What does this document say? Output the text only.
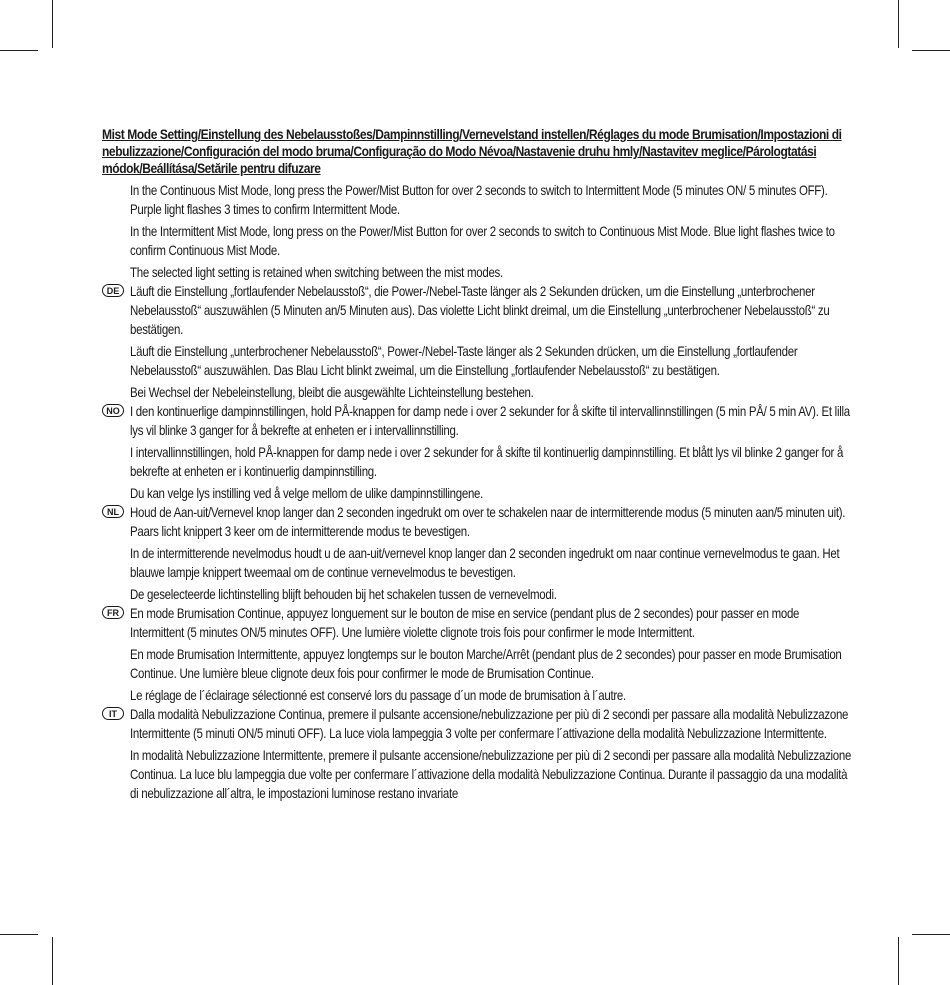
Mist Mode Setting/Einstellung des Nebelausstoßes/Dampinnstilling/Vernevelstand instellen/Réglages du mode Brumisation/Impostazioni di nebulizzazione/Configuración del modo bruma/Configuração do Modo Névoa/Nastavenie druhu hmly/Nastavitev meglice/Párologtatási módok/Beállítása/Setările pentru difuzare

In the Continuous Mist Mode, long press the Power/Mist Button for over 2 seconds to switch to Intermittent Mode (5 minutes ON/ 5 minutes OFF). Purple light flashes 3 times to confirm Intermittent Mode.

In the Intermittent Mist Mode, long press on the Power/Mist Button for over 2 seconds to switch to Continuous Mist Mode. Blue light flashes twice to confirm Continuous Mist Mode.

The selected light setting is retained when switching between the mist modes.

DE Läuft die Einstellung „fortlaufender Nebelausstoß“, die Power-/Nebel-Taste länger als 2 Sekunden drücken, um die Einstellung „unterbrochener Nebelausstoß“ auszuwählen (5 Minuten an/5 Minuten aus). Das violette Licht blinkt dreimal, um die Einstellung „unterbrochener Nebelausstoß“ zu bestätigen.

Läuft die Einstellung „unterbrochener Nebelausstoß“, Power-/Nebel-Taste länger als 2 Sekunden drücken, um die Einstellung „fortlaufender Nebelausstoß“ auszuwählen. Das Blau Licht blinkt zweimal, um die Einstellung „fortlaufender Nebelausstoß“ zu bestätigen.

Bei Wechsel der Nebeleinstellung, bleibt die ausgewählte Lichteinstellung bestehen.

NO I den kontinuerlige dampinnstillingen, hold PÅ-knappen for damp nede i over 2 sekunder for å skifte til intervallinnstillingen (5 min PÅ/ 5 min AV). Et lilla lys vil blinke 3 ganger for å bekrefte at enheten er i intervallinnstilling.

I intervallinnstillingen, hold PÅ-knappen for damp nede i over 2 sekunder for å skifte til kontinuerlig dampinnstilling. Et blått lys vil blinke 2 ganger for å bekrefte at enheten er i kontinuerlig dampinnstilling.

Du kan velge lys instilling ved å velge mellom de ulike dampinnstillingene.

NL Houd de Aan-uit/Vernevel knop langer dan 2 seconden ingedrukt om over te schakelen naar de intermitterende modus (5 minuten aan/5 minuten uit). Paars licht knippert 3 keer om de intermitterende modus te bevestigen.

In de intermitterende nevelmodus houdt u de aan-uit/vernevel knop langer dan 2 seconden ingedrukt om naar continue vernevelmodus te gaan. Het blauwe lampje knippert tweemaal om de continue vernevelmodus te bevestigen.

De geselecteerde lichtinstelling blijft behouden bij het schakelen tussen de vernevelmodi.

FR En mode Brumisation Continue, appuyez longuement sur le bouton de mise en service (pendant plus de 2 secondes) pour passer en mode Intermittent (5 minutes ON/5 minutes OFF). Une lumière violette clignote trois fois pour confirmer le mode Intermittent.

En mode Brumisation Intermittente, appuyez longtemps sur le bouton Marche/Arrêt (pendant plus de 2 secondes) pour passer en mode Brumisation Continue. Une lumière bleue clignote deux fois pour confirmer le mode de Brumisation Continue.

Le réglage de l´éclairage sélectionné est conservé lors du passage d´un mode de brumisation à l´autre.

IT Dalla modalità Nebulizzazione Continua, premere il pulsante accensione/nebulizzazione per più di 2 secondi per passare alla modalità Nebulizzazone Intermittente (5 minuti ON/5 minuti OFF). La luce viola lampeggia 3 volte per confermare l´attivazione della modalità Nebulizzazione Intermittente.

In modalità Nebulizzazione Intermittente, premere il pulsante accensione/nebulizzazione per più di 2 secondi per passare alla modalità Nebulizzazione Continua. La luce blu lampeggia due volte per confermare l´attivazione della modalità Nebulizzazione Continua. Durante il passaggio da una modalità di nebulizzazione all´altra, le impostazioni luminose restano invariate
